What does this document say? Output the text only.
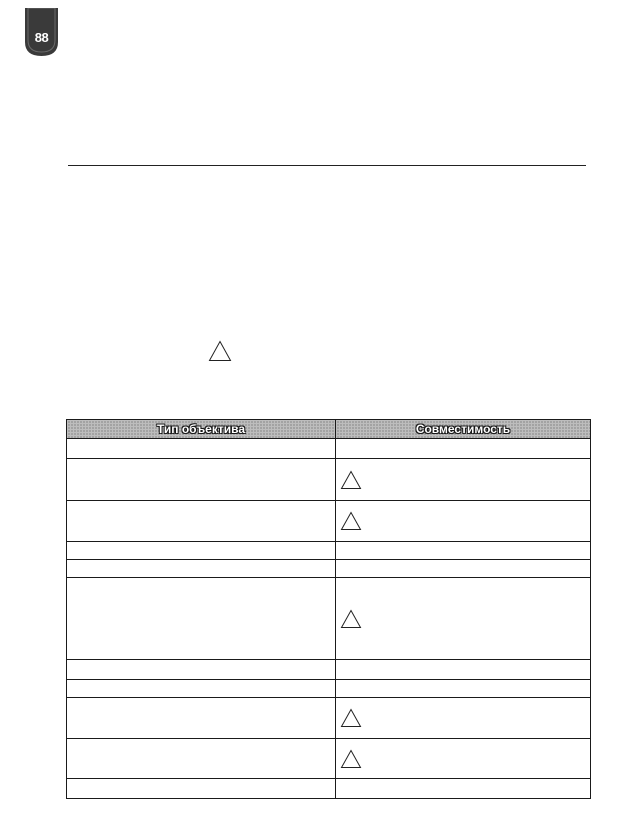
88
Тип объектива	Совместимость
